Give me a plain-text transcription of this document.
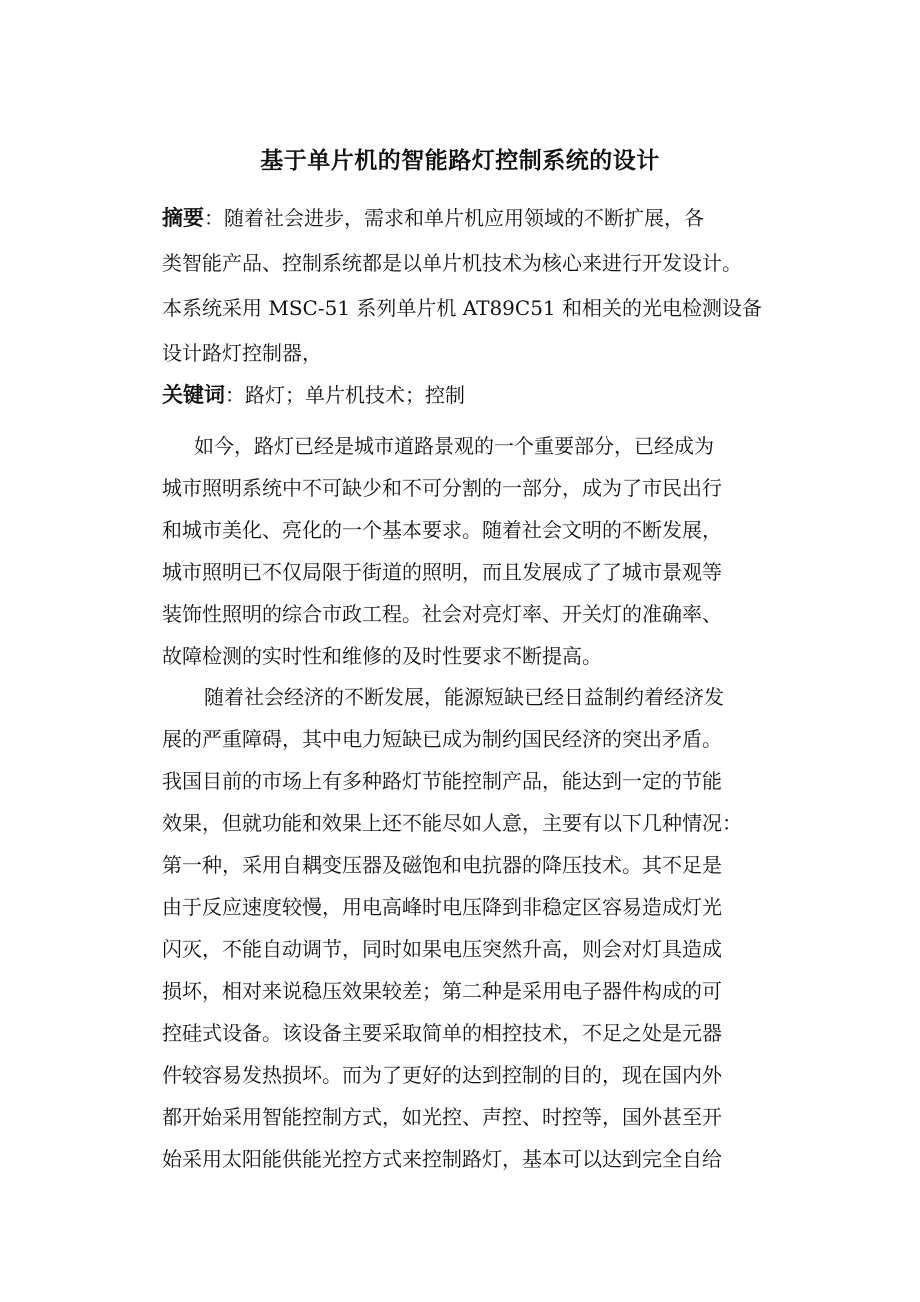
基于单片机的智能路灯控制系统的设计
摘要：随着社会进步，需求和单片机应用领域的不断扩展，各
类智能产品、控制系统都是以单片机技术为核心来进行开发设计。
本系统采用 MSC-51 系列单片机 AT89C51 和相关的光电检测设备
设计路灯控制器，
关键词：路灯；单片机技术；控制
如今，路灯已经是城市道路景观的一个重要部分，已经成为
城市照明系统中不可缺少和不可分割的一部分，成为了市民出行
和城市美化、亮化的一个基本要求。随着社会文明的不断发展，
城市照明已不仅局限于街道的照明，而且发展成了了城市景观等
装饰性照明的综合市政工程。社会对亮灯率、开关灯的准确率、
故障检测的实时性和维修的及时性要求不断提高。
随着社会经济的不断发展，能源短缺已经日益制约着经济发
展的严重障碍，其中电力短缺已成为制约国民经济的突出矛盾。
我国目前的市场上有多种路灯节能控制产品，能达到一定的节能
效果，但就功能和效果上还不能尽如人意，主要有以下几种情况：
第一种，采用自耦变压器及磁饱和电抗器的降压技术。其不足是
由于反应速度较慢，用电高峰时电压降到非稳定区容易造成灯光
闪灭，不能自动调节，同时如果电压突然升高，则会对灯具造成
损坏，相对来说稳压效果较差；第二种是采用电子器件构成的可
控硅式设备。该设备主要采取简单的相控技术，不足之处是元器
件较容易发热损坏。而为了更好的达到控制的目的，现在国内外
都开始采用智能控制方式，如光控、声控、时控等，国外甚至开
始采用太阳能供能光控方式来控制路灯，基本可以达到完全自给
